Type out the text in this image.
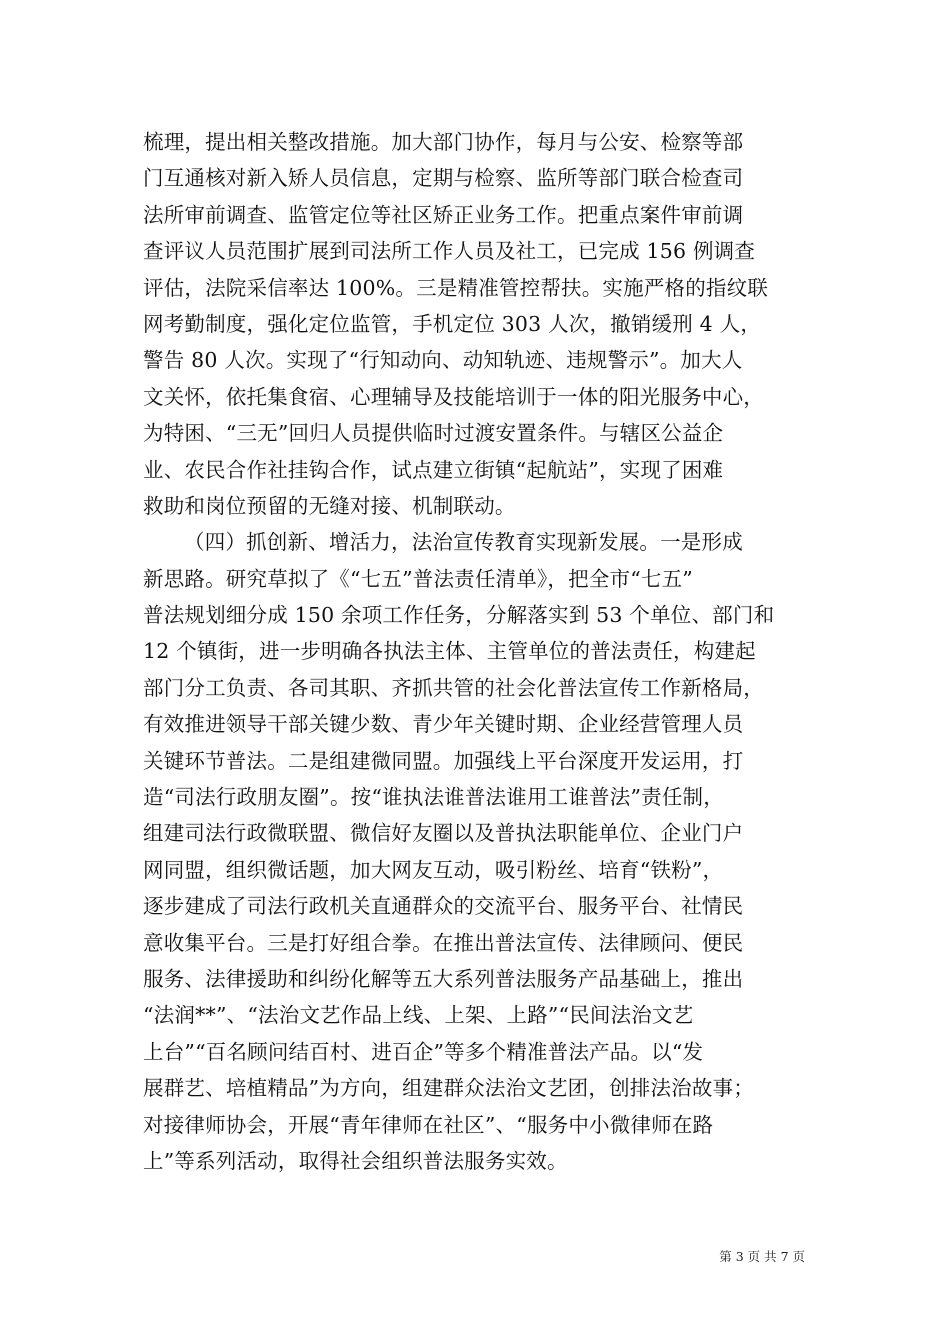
梳理，提出相关整改措施。加大部门协作，每月与公安、检察等部
门互通核对新入矫人员信息，定期与检察、监所等部门联合检查司
法所审前调查、监管定位等社区矫正业务工作。把重点案件审前调
查评议人员范围扩展到司法所工作人员及社工，已完成 156 例调查
评估，法院采信率达 100%。三是精准管控帮扶。实施严格的指纹联
网考勤制度，强化定位监管，手机定位 303 人次，撤销缓刑 4 人，
警告 80 人次。实现了“行知动向、动知轨迹、违规警示”。加大人
文关怀，依托集食宿、心理辅导及技能培训于一体的阳光服务中心，
为特困、“三无”回归人员提供临时过渡安置条件。与辖区公益企
业、农民合作社挂钩合作，试点建立街镇“起航站”，实现了困难
救助和岗位预留的无缝对接、机制联动。
（四）抓创新、增活力，法治宣传教育实现新发展。一是形成
新思路。研究草拟了《“七五”普法责任清单》，把全市“七五”
普法规划细分成 150 余项工作任务，分解落实到 53 个单位、部门和
12 个镇街，进一步明确各执法主体、主管单位的普法责任，构建起
部门分工负责、各司其职、齐抓共管的社会化普法宣传工作新格局，
有效推进领导干部关键少数、青少年关键时期、企业经营管理人员
关键环节普法。二是组建微同盟。加强线上平台深度开发运用，打
造“司法行政朋友圈”。按“谁执法谁普法谁用工谁普法”责任制，
组建司法行政微联盟、微信好友圈以及普执法职能单位、企业门户
网同盟，组织微话题，加大网友互动，吸引粉丝、培育“铁粉”，
逐步建成了司法行政机关直通群众的交流平台、服务平台、社情民
意收集平台。三是打好组合拳。在推出普法宣传、法律顾问、便民
服务、法律援助和纠纷化解等五大系列普法服务产品基础上，推出
“法润**”、“法治文艺作品上线、上架、上路”“民间法治文艺
上台”“百名顾问结百村、进百企”等多个精准普法产品。以“发
展群艺、培植精品”为方向，组建群众法治文艺团，创排法治故事；
对接律师协会，开展“青年律师在社区”、“服务中小微律师在路
上”等系列活动，取得社会组织普法服务实效。
第 3 页 共 7 页
